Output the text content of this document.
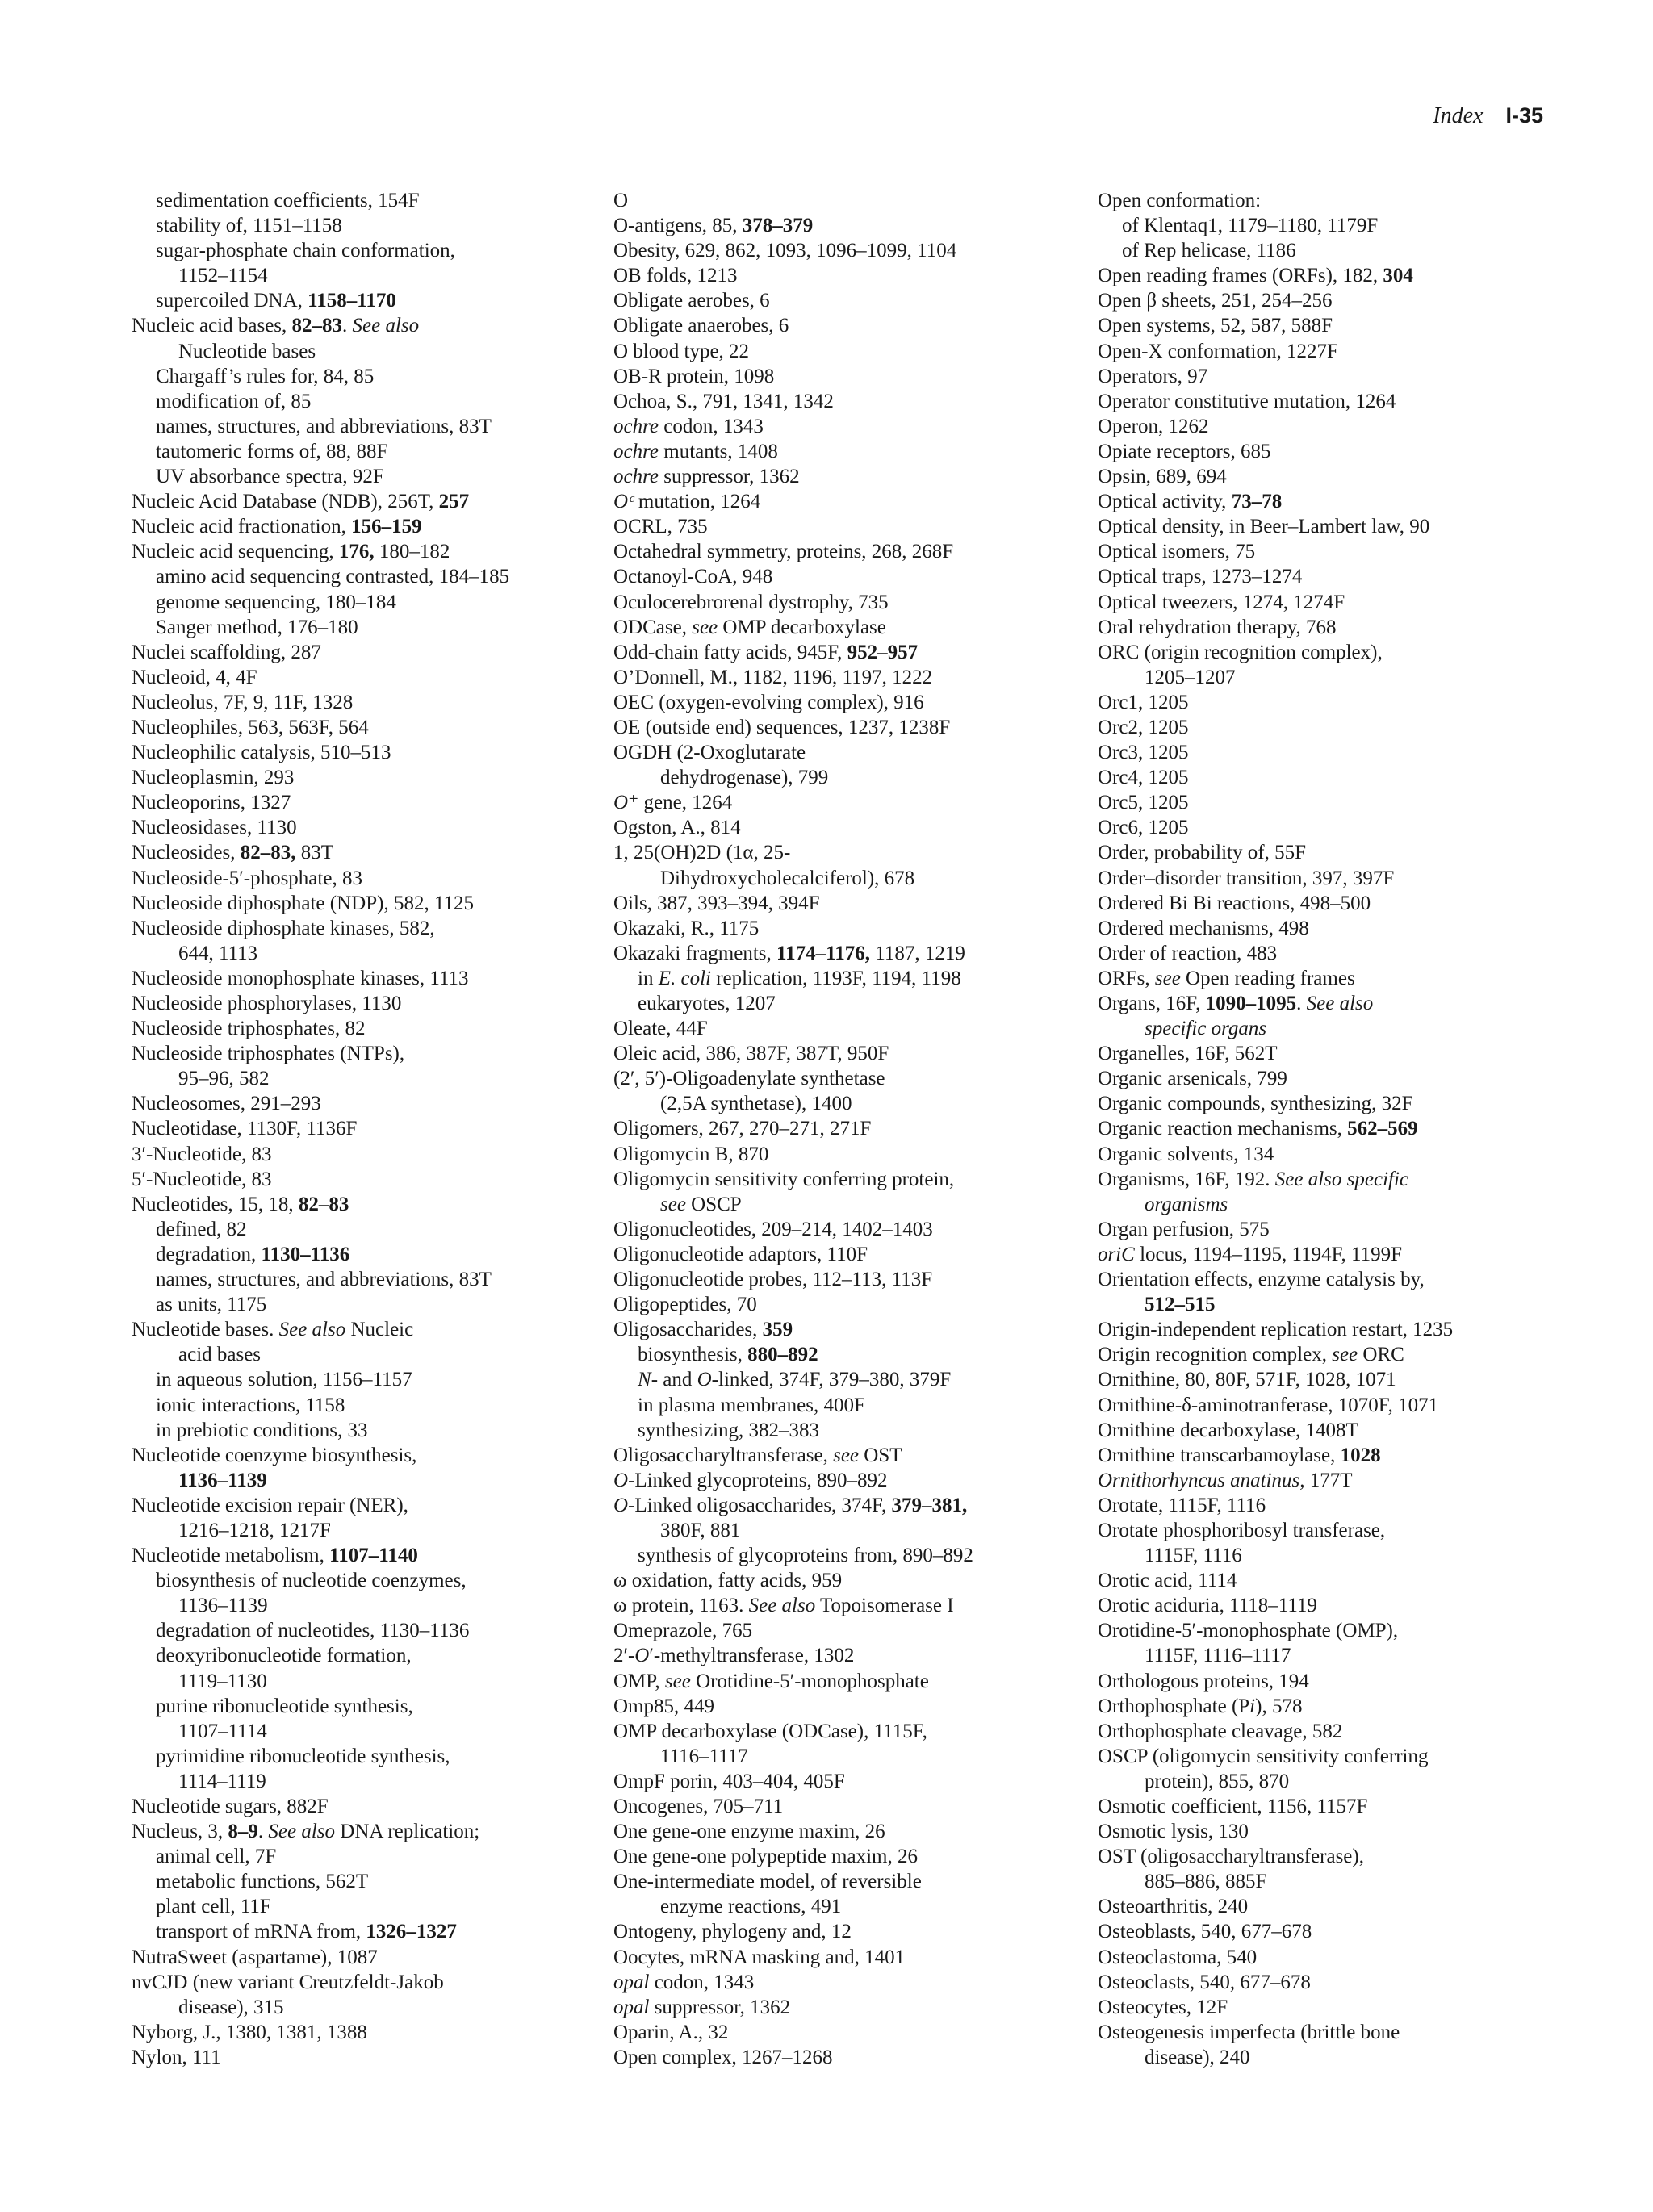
Index I-35
sedimentation coefficients, 154F
stability of, 1151–1158
sugar-phosphate chain conformation,
1152–1154
supercoiled DNA, 1158–1170
Nucleic acid bases, 82–83. See also
Nucleotide bases
Chargaff’s rules for, 84, 85
modification of, 85
names, structures, and abbreviations, 83T
tautomeric forms of, 88, 88F
UV absorbance spectra, 92F
Nucleic Acid Database (NDB), 256T, 257
Nucleic acid fractionation, 156–159
Nucleic acid sequencing, 176, 180–182
amino acid sequencing contrasted, 184–185
genome sequencing, 180–184
Sanger method, 176–180
Nuclei scaffolding, 287
Nucleoid, 4, 4F
Nucleolus, 7F, 9, 11F, 1328
Nucleophiles, 563, 563F, 564
Nucleophilic catalysis, 510–513
Nucleoplasmin, 293
Nucleoporins, 1327
Nucleosidases, 1130
Nucleosides, 82–83, 83T
Nucleoside-5′-phosphate, 83
Nucleoside diphosphate (NDP), 582, 1125
Nucleoside diphosphate kinases, 582,
644, 1113
Nucleoside monophosphate kinases, 1113
Nucleoside phosphorylases, 1130
Nucleoside triphosphates, 82
Nucleoside triphosphates (NTPs),
95–96, 582
Nucleosomes, 291–293
Nucleotidase, 1130F, 1136F
3′-Nucleotide, 83
5′-Nucleotide, 83
Nucleotides, 15, 18, 82–83
defined, 82
degradation, 1130–1136
names, structures, and abbreviations, 83T
as units, 1175
Nucleotide bases. See also Nucleic
acid bases
in aqueous solution, 1156–1157
ionic interactions, 1158
in prebiotic conditions, 33
Nucleotide coenzyme biosynthesis,
1136–1139
Nucleotide excision repair (NER),
1216–1218, 1217F
Nucleotide metabolism, 1107–1140
biosynthesis of nucleotide coenzymes,
1136–1139
degradation of nucleotides, 1130–1136
deoxyribonucleotide formation,
1119–1130
purine ribonucleotide synthesis,
1107–1114
pyrimidine ribonucleotide synthesis,
1114–1119
Nucleotide sugars, 882F
Nucleus, 3, 8–9. See also DNA replication;
animal cell, 7F
metabolic functions, 562T
plant cell, 11F
transport of mRNA from, 1326–1327
NutraSweet (aspartame), 1087
nvCJD (new variant Creutzfeldt-Jakob
disease), 315
Nyborg, J., 1380, 1381, 1388
Nylon, 111
O
O-antigens, 85, 378–379
Obesity, 629, 862, 1093, 1096–1099, 1104
OB folds, 1213
Obligate aerobes, 6
Obligate anaerobes, 6
O blood type, 22
OB-R protein, 1098
Ochoa, S., 791, 1341, 1342
ochre codon, 1343
ochre mutants, 1408
ochre suppressor, 1362
Oᶜ mutation, 1264
OCRL, 735
Octahedral symmetry, proteins, 268, 268F
Octanoyl-CoA, 948
Oculocerebrorenal dystrophy, 735
ODCase, see OMP decarboxylase
Odd-chain fatty acids, 945F, 952–957
O’Donnell, M., 1182, 1196, 1197, 1222
OEC (oxygen-evolving complex), 916
OE (outside end) sequences, 1237, 1238F
OGDH (2-Oxoglutarate
dehydrogenase), 799
O⁺ gene, 1264
Ogston, A., 814
1, 25(OH)2D (1α, 25-
Dihydroxycholecalciferol), 678
Oils, 387, 393–394, 394F
Okazaki, R., 1175
Okazaki fragments, 1174–1176, 1187, 1219
in E. coli replication, 1193F, 1194, 1198
eukaryotes, 1207
Oleate, 44F
Oleic acid, 386, 387F, 387T, 950F
(2′, 5′)-Oligoadenylate synthetase
(2,5A synthetase), 1400
Oligomers, 267, 270–271, 271F
Oligomycin B, 870
Oligomycin sensitivity conferring protein,
see OSCP
Oligonucleotides, 209–214, 1402–1403
Oligonucleotide adaptors, 110F
Oligonucleotide probes, 112–113, 113F
Oligopeptides, 70
Oligosaccharides, 359
biosynthesis, 880–892
N- and O-linked, 374F, 379–380, 379F
in plasma membranes, 400F
synthesizing, 382–383
Oligosaccharyltransferase, see OST
O-Linked glycoproteins, 890–892
O-Linked oligosaccharides, 374F, 379–381,
380F, 881
synthesis of glycoproteins from, 890–892
ω oxidation, fatty acids, 959
ω protein, 1163. See also Topoisomerase I
Omeprazole, 765
2′-O′-methyltransferase, 1302
OMP, see Orotidine-5′-monophosphate
Omp85, 449
OMP decarboxylase (ODCase), 1115F,
1116–1117
OmpF porin, 403–404, 405F
Oncogenes, 705–711
One gene-one enzyme maxim, 26
One gene-one polypeptide maxim, 26
One-intermediate model, of reversible
enzyme reactions, 491
Ontogeny, phylogeny and, 12
Oocytes, mRNA masking and, 1401
opal codon, 1343
opal suppressor, 1362
Oparin, A., 32
Open complex, 1267–1268
Open conformation:
of Klentaq1, 1179–1180, 1179F
of Rep helicase, 1186
Open reading frames (ORFs), 182, 304
Open β sheets, 251, 254–256
Open systems, 52, 587, 588F
Open-X conformation, 1227F
Operators, 97
Operator constitutive mutation, 1264
Operon, 1262
Opiate receptors, 685
Opsin, 689, 694
Optical activity, 73–78
Optical density, in Beer–Lambert law, 90
Optical isomers, 75
Optical traps, 1273–1274
Optical tweezers, 1274, 1274F
Oral rehydration therapy, 768
ORC (origin recognition complex),
1205–1207
Orc1, 1205
Orc2, 1205
Orc3, 1205
Orc4, 1205
Orc5, 1205
Orc6, 1205
Order, probability of, 55F
Order–disorder transition, 397, 397F
Ordered Bi Bi reactions, 498–500
Ordered mechanisms, 498
Order of reaction, 483
ORFs, see Open reading frames
Organs, 16F, 1090–1095. See also
specific organs
Organelles, 16F, 562T
Organic arsenicals, 799
Organic compounds, synthesizing, 32F
Organic reaction mechanisms, 562–569
Organic solvents, 134
Organisms, 16F, 192. See also specific
organisms
Organ perfusion, 575
oriC locus, 1194–1195, 1194F, 1199F
Orientation effects, enzyme catalysis by,
512–515
Origin-independent replication restart, 1235
Origin recognition complex, see ORC
Ornithine, 80, 80F, 571F, 1028, 1071
Ornithine-δ-aminotranferase, 1070F, 1071
Ornithine decarboxylase, 1408T
Ornithine transcarbamoylase, 1028
Ornithorhyncus anatinus, 177T
Orotate, 1115F, 1116
Orotate phosphoribosyl transferase,
1115F, 1116
Orotic acid, 1114
Orotic aciduria, 1118–1119
Orotidine-5′-monophosphate (OMP),
1115F, 1116–1117
Orthologous proteins, 194
Orthophosphate (Pi), 578
Orthophosphate cleavage, 582
OSCP (oligomycin sensitivity conferring
protein), 855, 870
Osmotic coefficient, 1156, 1157F
Osmotic lysis, 130
OST (oligosaccharyltransferase),
885–886, 885F
Osteoarthritis, 240
Osteoblasts, 540, 677–678
Osteoclastoma, 540
Osteoclasts, 540, 677–678
Osteocytes, 12F
Osteogenesis imperfecta (brittle bone
disease), 240
